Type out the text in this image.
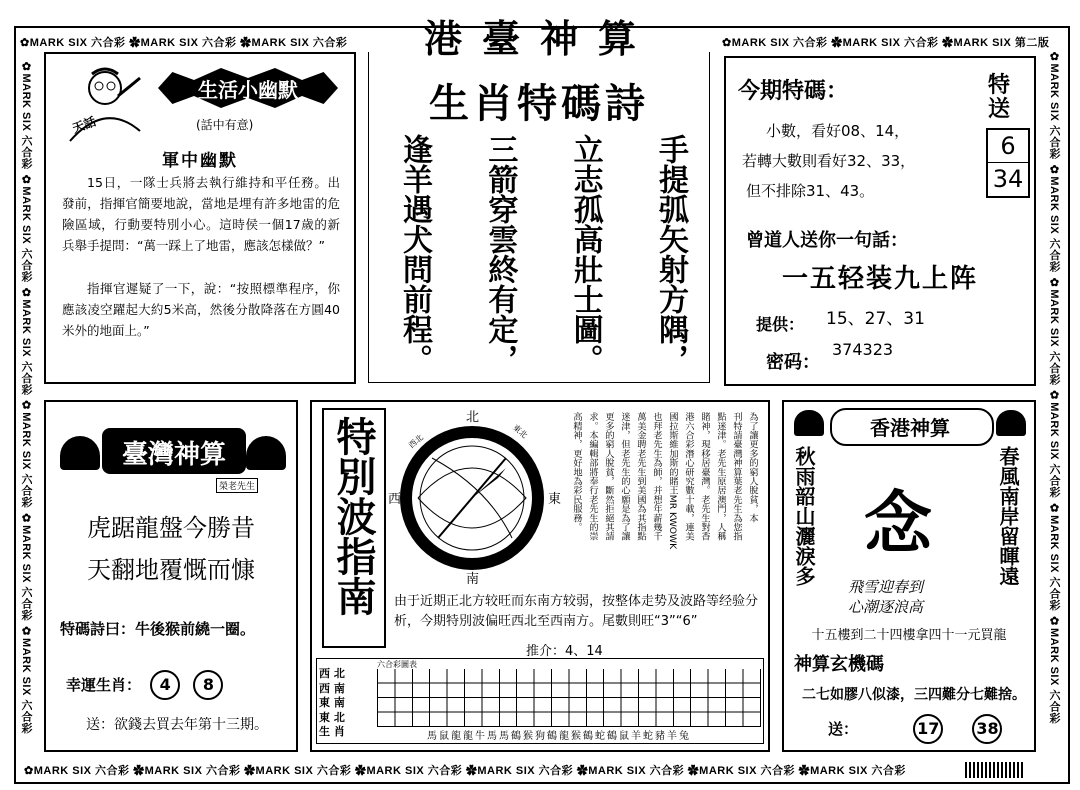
港臺神算
✿MARK SIX 六合彩 ✿MARK SIX 六合彩 ✿MARK SIX 六合彩	✿MARK SIX 六合彩 ✿MARK SIX 六合彩 ✿MARK SIX 第二版
✿MARK SIX 六合彩 ✿MARK SIX 六合彩 ✿MARK SIX 六合彩 ✿MARK SIX 六合彩 ✿MARK SIX 六合彩 ✿MARK SIX 六合彩 ✿MARK SIX 六合彩 ✿MARK SIX 六合彩
✿MARK SIX 六合彩 ✿MARK SIX 六合彩 ✿MARK SIX 六合彩 ✿MARK SIX 六合彩 ✿MARK SIX 六合彩 ✿MARK SIX 六合彩
✿MARK SIX 六合彩 ✿MARK SIX 六合彩 ✿MARK SIX 六合彩 ✿MARK SIX 六合彩 ✿MARK SIX 六合彩 ✿MARK SIX 六合彩
天話
生活小幽默
(話中有意)
軍中幽默
15日，一隊士兵將去執行維持和平任務。出發前，指揮官簡要地說，當地是埋有許多地雷的危險區域，行動要特別小心。這時侯一個17歲的新兵舉手提問：“萬一踩上了地雷，應該怎樣做？”
指揮官遲疑了一下，說：“按照標準程序，你應該凌空躍起大約5米高，然後分散降落在方圓40米外的地面上。”
生肖特碼詩
手提弧矢射方隅，
立志孤高壯士圖。
三箭穿雲終有定，
逢羊遇犬問前程。
今期特碼：	特送
6
34
小數，看好08、14，
若轉大數則看好32、33，
但不排除31、43。
曾道人送你一句話：
一五轻装九上阵
提供： 15、27、31
密码：
374323
臺灣神算
榮老先生
虎踞龍盤今勝昔
天翻地覆慨而慷
特碼詩曰：牛後猴前繞一圈。
幸運生肖： 4 8
送：欲錢去買去年第十三期。
特別波指南	北
南
東
西
西北
東北	為了讓更多的窮人脫貧，本
刊特請臺灣神算葉老先生為您指
點迷津。老先生原居澳門，人稱
賭神，現移居臺灣。老先生對香
港六合彩潛心研究數十載，連美
國拉斯維加斯的賭王MR KWOWK
也拜老先生為師，并想年薪幾千
萬美金聘老先生到美國為其指點
迷津，但老先生的心願是為了讓
更多的窮人脫貧，斷然拒絕其請
求。本編輯部將奉行老先生的崇
高精神，更好地為彩民服務。
由于近期正北方较旺而东南方较弱，按整体走势及波路等经验分析，今期特別波偏旺西北至西南方。尾數則旺“3”“6”
推介：4、14
六合彩圖表
西 北
西 南
東 南
東 北
生 肖	馬鼠龍龍牛馬馬鶴猴狗鶴龍猴鶴蛇鶴鼠羊蛇豬羊兔
香港神算
秋雨韶山灑淚多	春風南岸留暉遠
念
飛雪迎春到
心潮逐浪高
十五樓到二十四樓拿四十一元買龍
神算玄機碼
二七如膠八似漆，三四難分七難捨。
送：	17 38
